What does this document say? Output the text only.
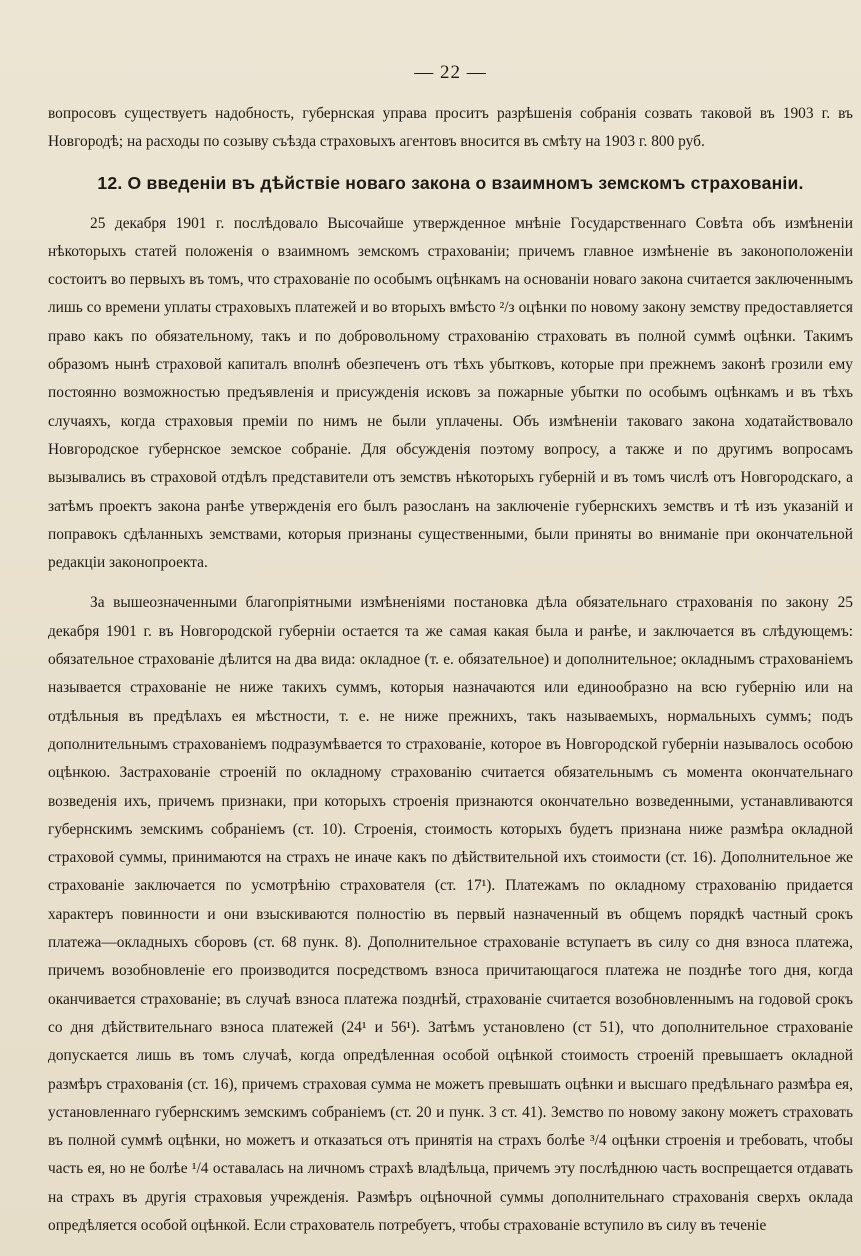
— 22 —

вопросовъ существуетъ надобность, губернская управа проситъ разрѣшенія собранія созвать таковой въ 1903 г. въ Новгородѣ; на расходы по созыву съѣзда страховыхъ агентовъ вносится въ смѣту на 1903 г. 800 руб.

12. О введеніи въ дѣйствіе новаго закона о взаимномъ земскомъ страхованіи.

25 декабря 1901 г. послѣдовало Высочайше утвержденное мнѣніе Государственнаго Совѣта объ измѣненіи нѣкоторыхъ статей положенія о взаимномъ земскомъ страхованіи; причемъ главное измѣненіе въ законоположеніи состоитъ во первыхъ въ томъ, что страхованіе по особымъ оцѣнкамъ на основаніи новаго закона считается заключеннымъ лишь со времени уплаты страховыхъ платежей и во вторыхъ вмѣсто ²/з оцѣнки по новому закону земству предоставляется право какъ по обязательному, такъ и по добровольному страхованію страховать въ полной суммѣ оцѣнки. Такимъ образомъ нынѣ страховой капиталъ вполнѣ обезпеченъ отъ тѣхъ убытковъ, которые при прежнемъ законѣ грозили ему постоянно возможностью предъявленія и присужденія исковъ за пожарные убытки по особымъ оцѣнкамъ и въ тѣхъ случаяхъ, когда страховыя преміи по нимъ не были уплачены. Объ измѣненіи таковаго закона ходатайствовало Новгородское губернское земское собраніе. Для обсужденія поэтому вопросу, а также и по другимъ вопросамъ вызывались въ страховой отдѣлъ представители отъ земствъ нѣкоторыхъ губерній и въ томъ числѣ отъ Новгородскаго, а затѣмъ проектъ закона ранѣе утвержденія его былъ разосланъ на заключеніе губернскихъ земствъ и тѣ изъ указаній и поправокъ сдѣланныхъ земствами, которыя признаны существенными, были приняты во вниманіе при окончательной редакціи законопроекта.

За вышеозначенными благопріятными измѣненіями постановка дѣла обязательнаго страхованія по закону 25 декабря 1901 г. въ Новгородской губерніи остается та же самая какая была и ранѣе, и заключается въ слѣдующемъ: обязательное страхованіе дѣлится на два вида: окладное (т. е. обязательное) и дополнительное; окладнымъ страхованіемъ называется страхованіе не ниже такихъ суммъ, которыя назначаются или единообразно на всю губернію или на отдѣльныя въ предѣлахъ ея мѣстности, т. е. не ниже прежнихъ, такъ называемыхъ, нормальныхъ суммъ; подъ дополнительнымъ страхованіемъ подразумѣвается то страхованіе, которое въ Новгородской губерніи называлось особою оцѣнкою. Застрахованіе строеній по окладному страхованію считается обязательнымъ съ момента окончательнаго возведенія ихъ, причемъ признаки, при которыхъ строенія признаются окончательно возведенными, устанавливаются губернскимъ земскимъ собраніемъ (ст. 10). Строенія, стоимость которыхъ будетъ признана ниже размѣра окладной страховой суммы, принимаются на страхъ не иначе какъ по дѣйствительной ихъ стоимости (ст. 16). Дополнительное же страхованіе заключается по усмотрѣнію страхователя (ст. 17¹). Платежамъ по окладному страхованію придается характеръ повинности и они взыскиваются полностію въ первый назначенный въ общемъ порядкѣ частный срокъ платежа—окладныхъ сборовъ (ст. 68 пунк. 8). Дополнительное страхованіе вступаетъ въ силу со дня взноса платежа, причемъ возобновленіе его производится посредствомъ взноса причитающагося платежа не позднѣе того дня, когда оканчивается страхованіе; въ случаѣ взноса платежа позднѣй, страхованіе считается возобновленнымъ на годовой срокъ со дня дѣйствительнаго взноса платежей (24¹ и 56¹). Затѣмъ установлено (ст 51), что дополнительное страхованіе допускается лишь въ томъ случаѣ, когда опредѣленная особой оцѣнкой стоимость строеній превышаетъ окладной размѣръ страхованія (ст. 16), причемъ страховая сумма не можетъ превышать оцѣнки и высшаго предѣльнаго размѣра ея, установленнаго губернскимъ земскимъ собраніемъ (ст. 20 и пунк. 3 ст. 41). Земство по новому закону можетъ страховать въ полной суммѣ оцѣнки, но можетъ и отказаться отъ принятія на страхъ болѣе ³/4 оцѣнки строенія и требовать, чтобы часть ея, но не болѣе ¹/4 оставалась на личномъ страхѣ владѣльца, причемъ эту послѣднюю часть воспрещается отдавать на страхъ въ другія страховыя учрежденія. Размѣръ оцѣночной суммы дополнительнаго страхованія сверхъ оклада опредѣляется особой оцѣнкой. Если страхователь потребуетъ, чтобы страхованіе вступило въ силу въ теченіе
